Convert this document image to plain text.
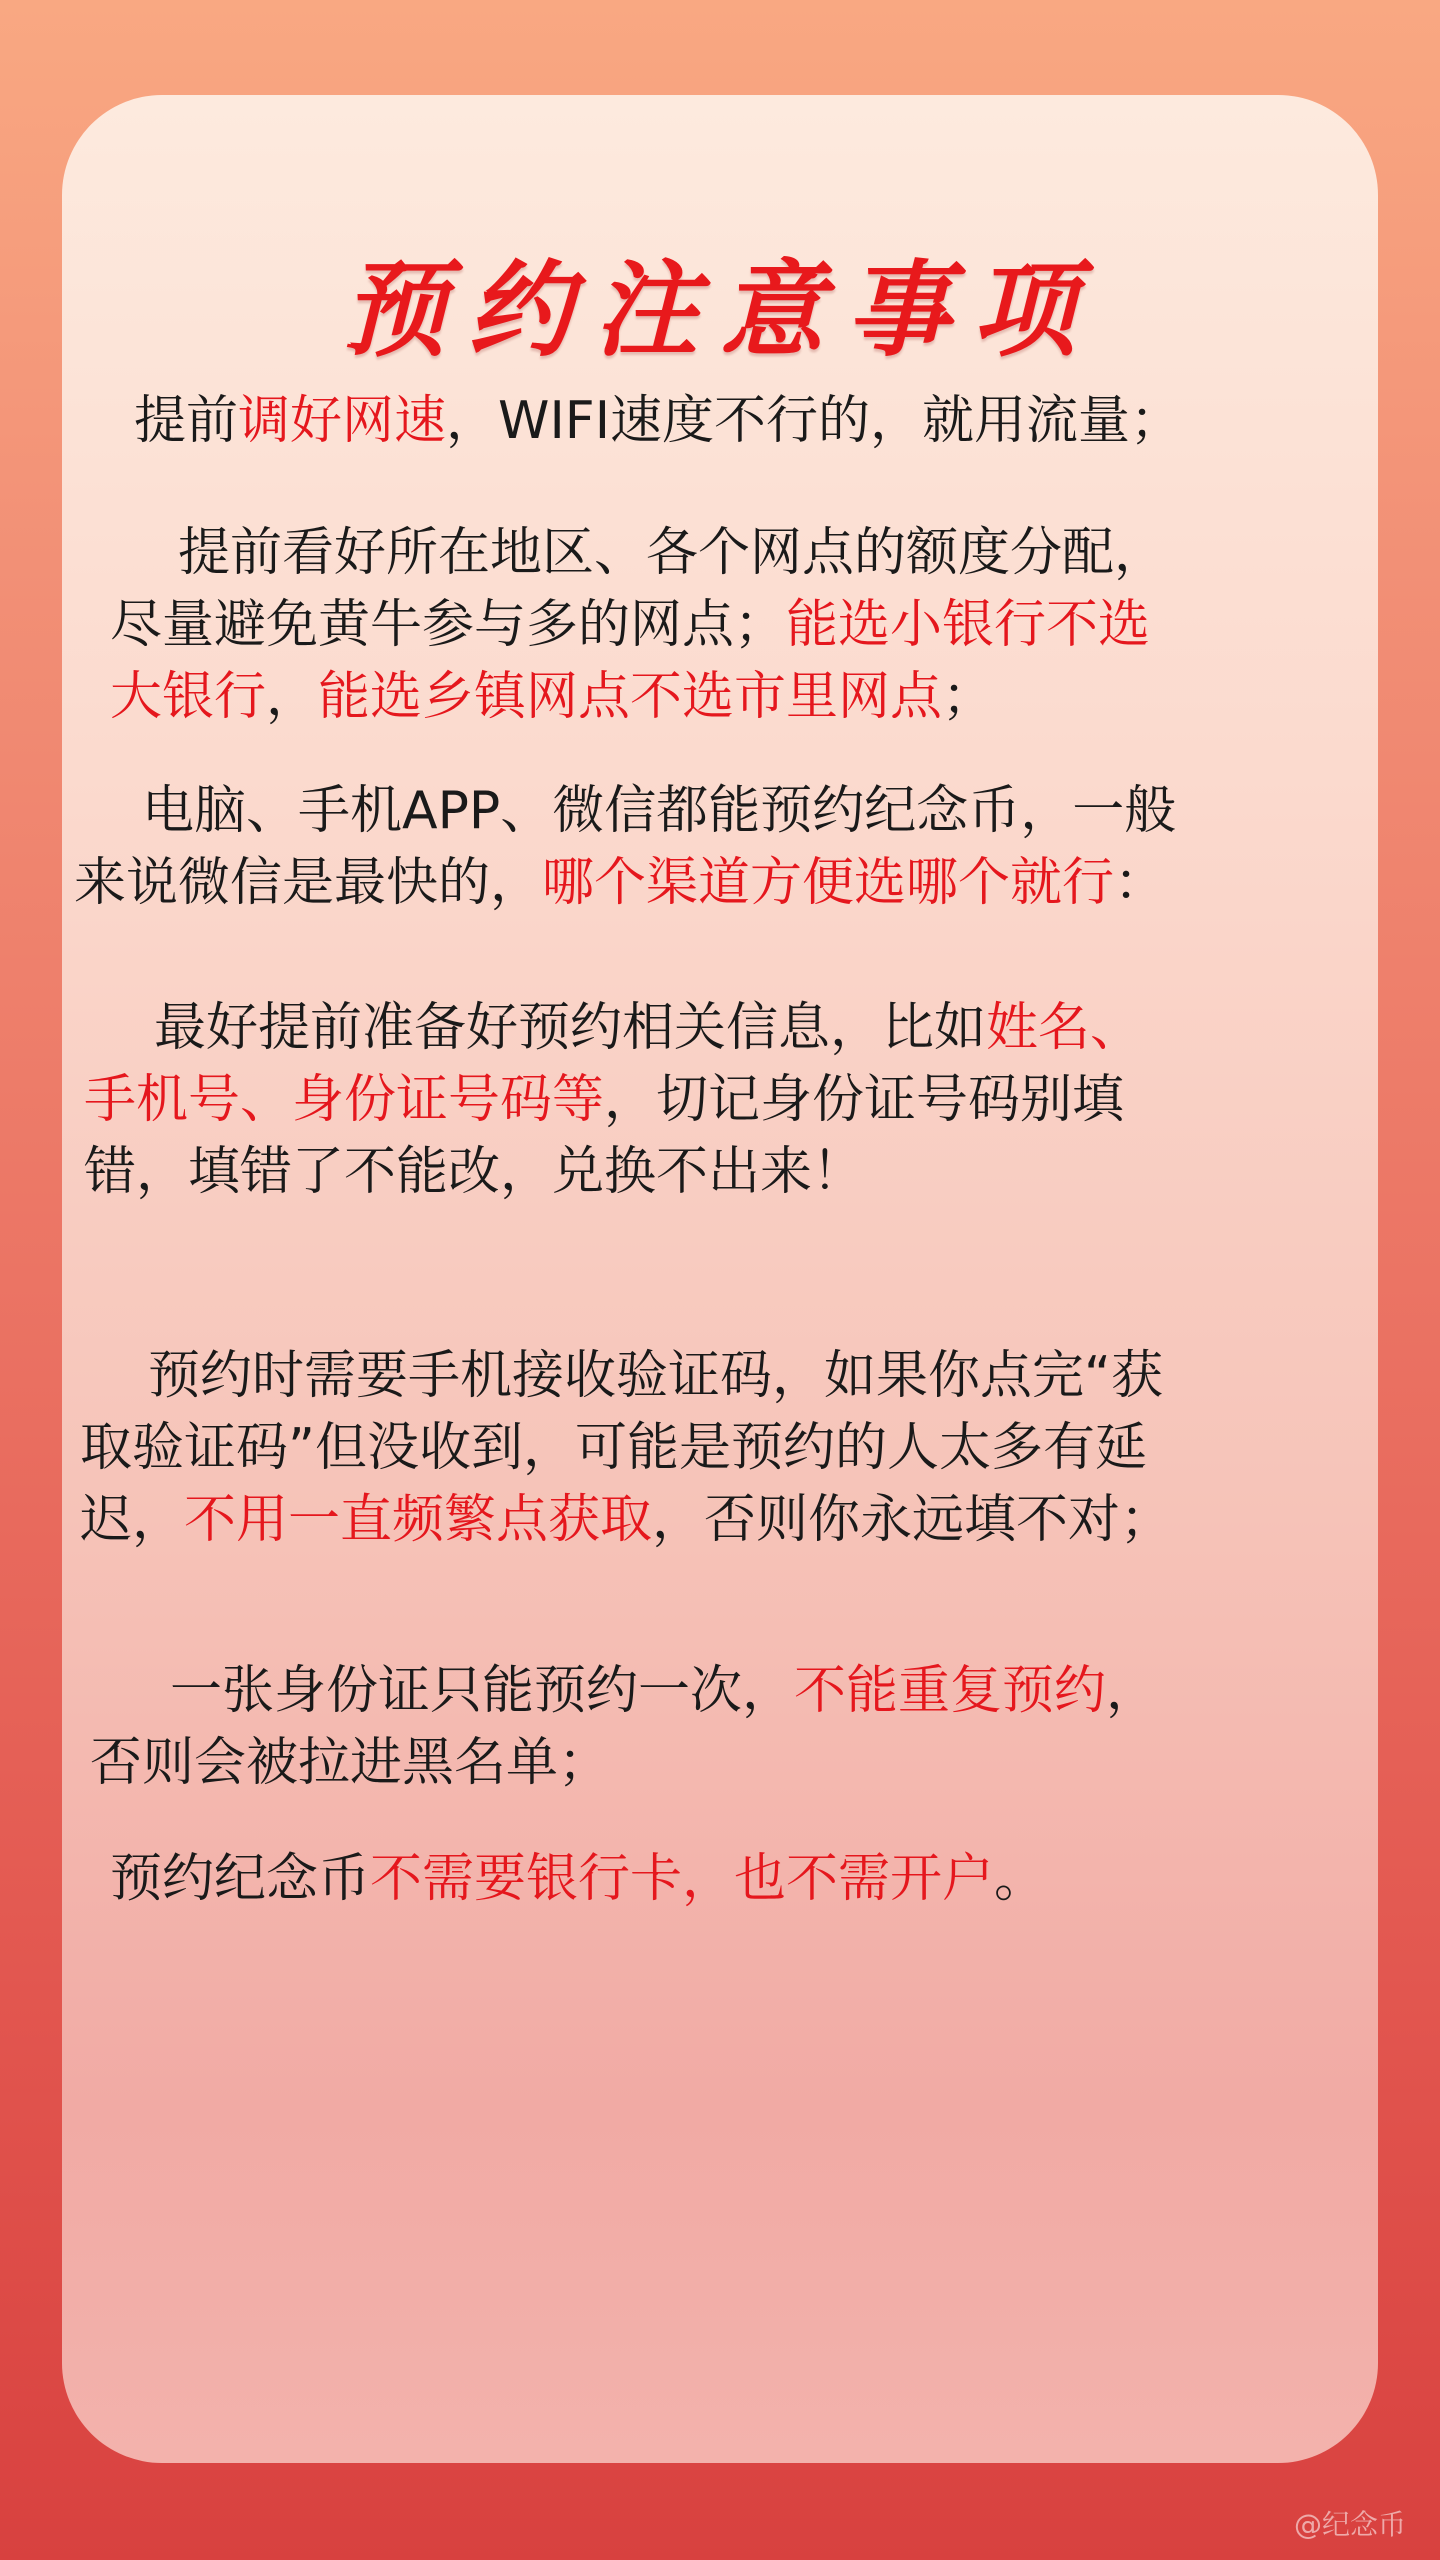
预约注意事项
提前调好网速，WIFI速度不行的，就用流量；
提前看好所在地区、各个网点的额度分配，
尽量避免黄牛参与多的网点；能选小银行不选
大银行，能选乡镇网点不选市里网点；
电脑、手机APP、微信都能预约纪念币，一般
来说微信是最快的，哪个渠道方便选哪个就行：
最好提前准备好预约相关信息，比如姓名、
手机号、身份证号码等，切记身份证号码别填
错，填错了不能改，兑换不出来！
预约时需要手机接收验证码，如果你点完“获
取验证码”但没收到，可能是预约的人太多有延
迟，不用一直频繁点获取，否则你永远填不对；
一张身份证只能预约一次，不能重复预约，
否则会被拉进黑名单；
预约纪念币不需要银行卡，也不需开户。
@纪念币
